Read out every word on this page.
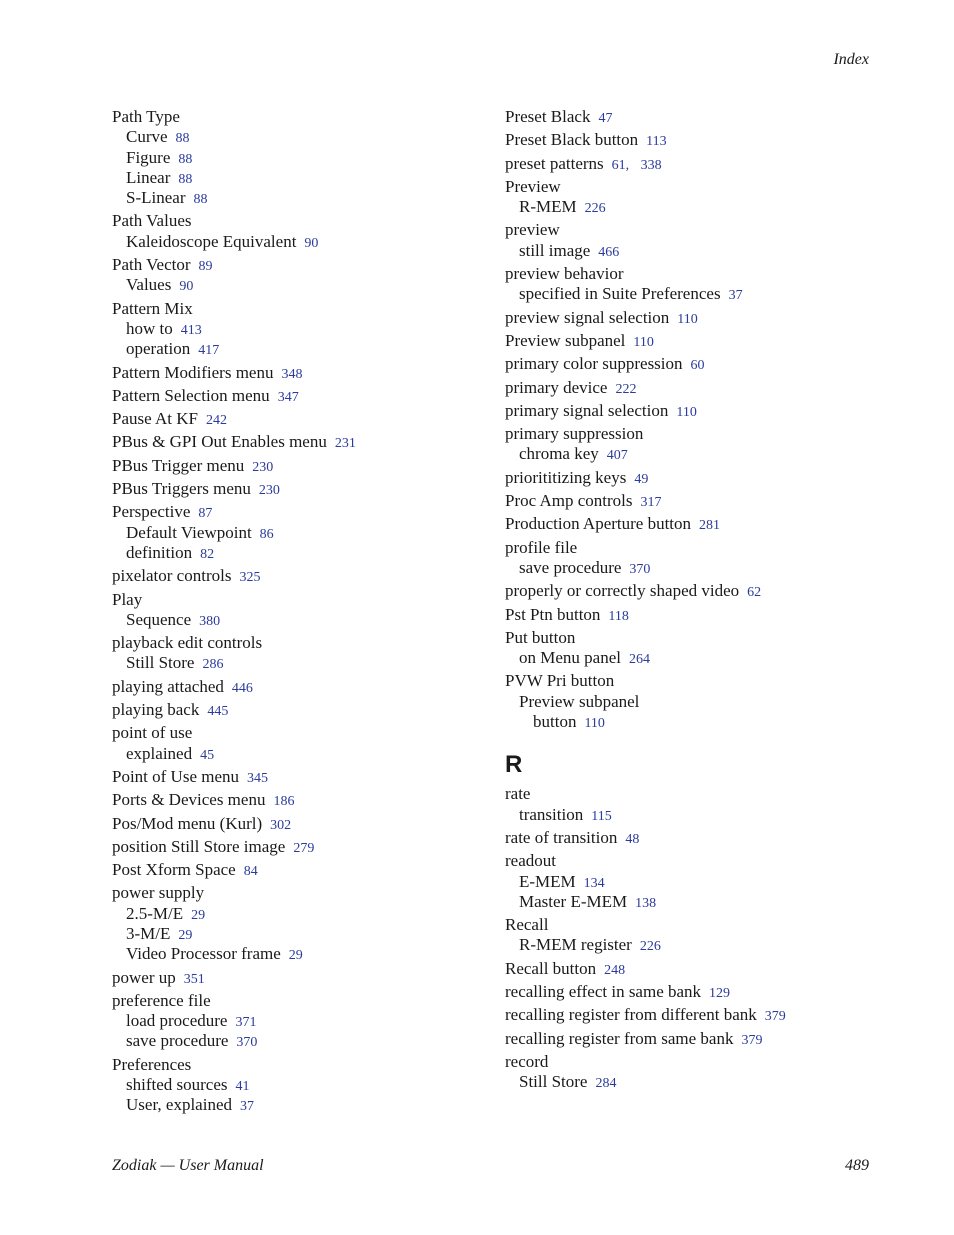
Index
Path Type
Curve 88
Figure 88
Linear 88
S-Linear 88
Path Values
Kaleidoscope Equivalent 90
Path Vector 89
Values 90
Pattern Mix
how to 413
operation 417
Pattern Modifiers menu 348
Pattern Selection menu 347
Pause At KF 242
PBus & GPI Out Enables menu 231
PBus Trigger menu 230
PBus Triggers menu 230
Perspective 87
Default Viewpoint 86
definition 82
pixelator controls 325
Play
Sequence 380
playback edit controls
Still Store 286
playing attached 446
playing back 445
point of use
explained 45
Point of Use menu 345
Ports & Devices menu 186
Pos/Mod menu (Kurl) 302
position Still Store image 279
Post Xform Space 84
power supply
2.5-M/E 29
3-M/E 29
Video Processor frame 29
power up 351
preference file
load procedure 371
save procedure 370
Preferences
shifted sources 41
User, explained 37
Preset Black 47
Preset Black button 113
preset patterns 61, 338
Preview
R-MEM 226
preview
still image 466
preview behavior
specified in Suite Preferences 37
preview signal selection 110
Preview subpanel 110
primary color suppression 60
primary device 222
primary signal selection 110
primary suppression
chroma key 407
priorititizing keys 49
Proc Amp controls 317
Production Aperture button 281
profile file
save procedure 370
properly or correctly shaped video 62
Pst Ptn button 118
Put button
on Menu panel 264
PVW Pri button
Preview subpanel
button 110
R
rate
transition 115
rate of transition 48
readout
E-MEM 134
Master E-MEM 138
Recall
R-MEM register 226
Recall button 248
recalling effect in same bank 129
recalling register from different bank 379
recalling register from same bank 379
record
Still Store 284
Zodiak — User Manual	489
